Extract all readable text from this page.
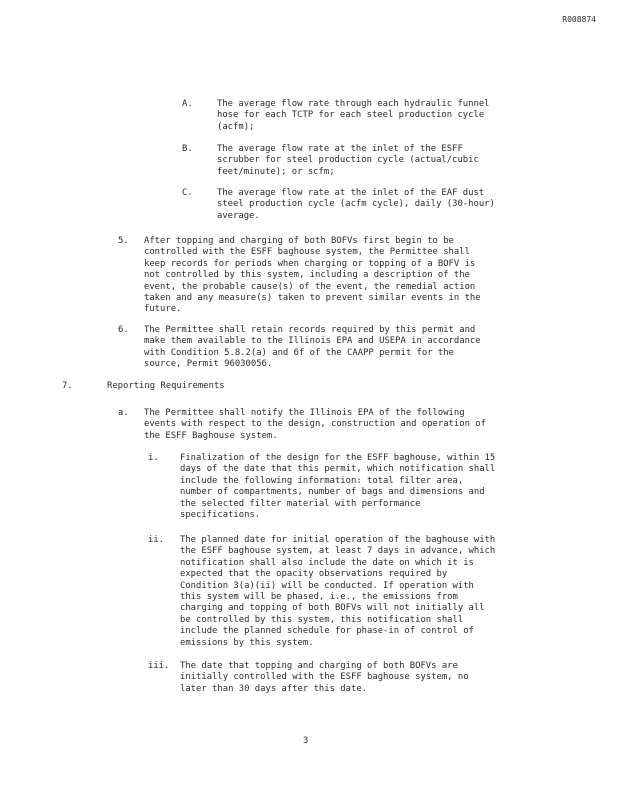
R008874
A.	The average flow rate through each hydraulic funnel
hose for each TCTP for each steel production cycle
(acfm);
B.	The average flow rate at the inlet of the ESFF
scrubber for steel production cycle (actual/cubic
feet/minute); or scfm;
C.	The average flow rate at the inlet of the EAF dust
steel production cycle (acfm cycle), daily (30-hour)
average.
5. After topping and charging of both BOFVs first begin to be
controlled with the ESFF baghouse system, the Permittee shall
keep records for periods when charging or topping of a BOFV is
not controlled by this system, including a description of the
event, the probable cause(s) of the event, the remedial action
taken and any measure(s) taken to prevent similar events in the
future.
6. The Permittee shall retain records required by this permit and
make them available to the Illinois EPA and USEPA in accordance
with Condition 5.8.2(a) and 6f of the CAAPP permit for the
source, Permit 96030056.
7.	Reporting Requirements
a. The Permittee shall notify the Illinois EPA of the following
events with respect to the design, construction and operation of
the ESFF Baghouse system.
i. Finalization of the design for the ESFF baghouse, within 15
days of the date that this permit, which notification shall
include the following information: total filter area,
number of compartments, number of bags and dimensions and
the selected filter material with performance
specifications.
ii. The planned date for initial operation of the baghouse with
the ESFF baghouse system, at least 7 days in advance, which
notification shall also include the date on which it is
expected that the opacity observations required by
Condition 3(a)(ii) will be conducted. If operation with
this system will be phased, i.e., the emissions from
charging and topping of both BOFVs will not initially all
be controlled by this system, this notification shall
include the planned schedule for phase-in of control of
emissions by this system.
iii. The date that topping and charging of both BOFVs are
initially controlled with the ESFF baghouse system, no
later than 30 days after this date.
3
